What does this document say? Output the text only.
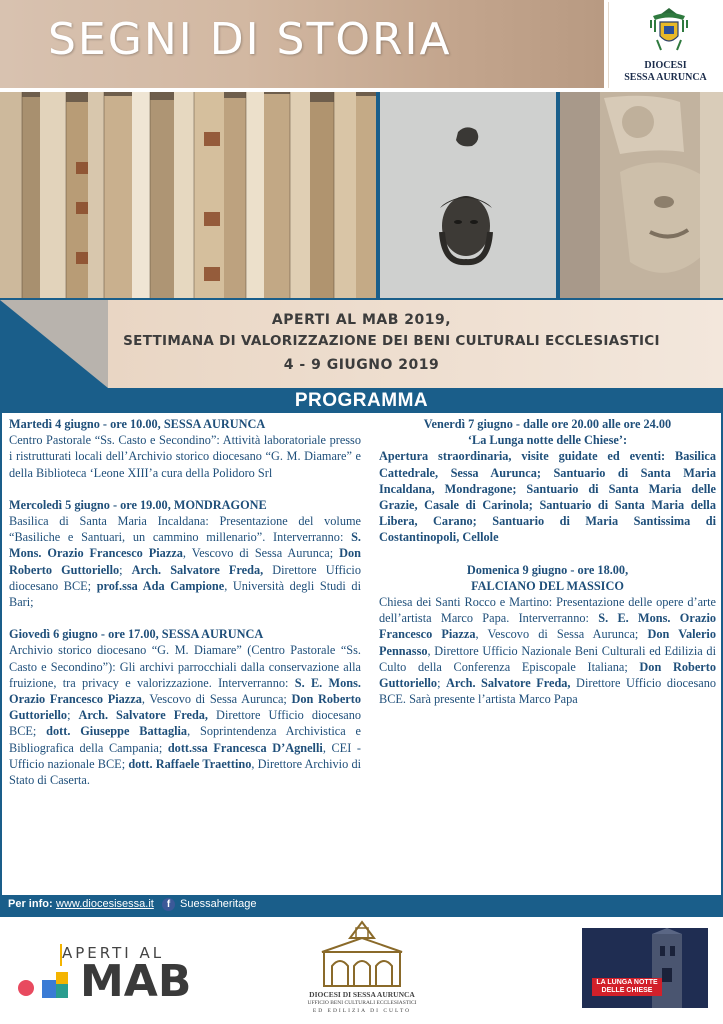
SEGNI DI STORIA
DIOCESI
SESSA AURUNCA
APERTI AL MAB 2019,
SETTIMANA DI VALORIZZAZIONE DEI BENI CULTURALI ECCLESIASTICI
4 - 9 GIUGNO 2019
PROGRAMMA
Martedì 4 giugno - ore 10.00, SESSA AURUNCA
Centro Pastorale “Ss. Casto e Secondino”: Attività laboratoriale presso i ristrutturati locali dell’Archivio storico diocesano “G. M. Diamare” e della Biblioteca ‘Leone XIII’a cura della Polidoro Srl
Mercoledì 5 giugno - ore 19.00, MONDRAGONE
Basilica di Santa Maria Incaldana: Presentazione del volume “Basiliche e Santuari, un cammino millenario”. Interverranno: S. Mons. Orazio Francesco Piazza, Vescovo di Sessa Aurunca; Don Roberto Guttoriello; Arch. Salvatore Freda, Direttore Ufficio diocesano BCE; prof.ssa Ada Campione, Università degli Studi di Bari;
Giovedì 6 giugno - ore 17.00, SESSA AURUNCA
Archivio storico diocesano “G. M. Diamare” (Centro Pastorale “Ss. Casto e Secondino”): Gli archivi parrocchiali dalla conservazione alla fruizione, tra privacy e valorizzazione. Interverranno: S. E. Mons. Orazio Francesco Piazza, Vescovo di Sessa Aurunca; Don Roberto Guttoriello; Arch. Salvatore Freda, Direttore Ufficio diocesano BCE; dott. Giuseppe Battaglia, Soprintendenza Archivistica e Bibliografica della Campania; dott.ssa Francesca D’Agnelli, CEI - Ufficio nazionale BCE; dott. Raffaele Traettino, Direttore Archivio di Stato di Caserta.
Venerdì 7 giugno - dalle ore 20.00 alle ore 24.00
‘La Lunga notte delle Chiese’:
Apertura straordinaria, visite guidate ed eventi: Basilica Cattedrale, Sessa Aurunca; Santuario di Santa Maria Incaldana, Mondragone; Santuario di Santa Maria delle Grazie, Casale di Carinola; Santuario di Santa Maria della Libera, Carano; Santuario di Maria Santissima di Costantinopoli, Cellole
Domenica 9 giugno - ore 18.00,
FALCIANO DEL MASSICO
Chiesa dei Santi Rocco e Martino: Presentazione delle opere d’arte dell’artista Marco Papa. Interverranno: S. E. Mons. Orazio Francesco Piazza, Vescovo di Sessa Aurunca; Don Valerio Pennasso, Direttore Ufficio Nazionale Beni Culturali ed Edilizia di Culto della Conferenza Episcopale Italiana; Don Roberto Guttoriello; Arch. Salvatore Freda, Direttore Ufficio diocesano BCE. Sarà presente l’artista Marco Papa
Per info: www.diocesisessa.it	f Suessaheritage
APERTI AL
MAB	DIOCESI DI SESSA AURUNCA
UFFICIO BENI CULTURALI ECCLESIASTICI
ED EDILIZIA DI CULTO
LA LUNGA NOTTE DELLE CHIESE
